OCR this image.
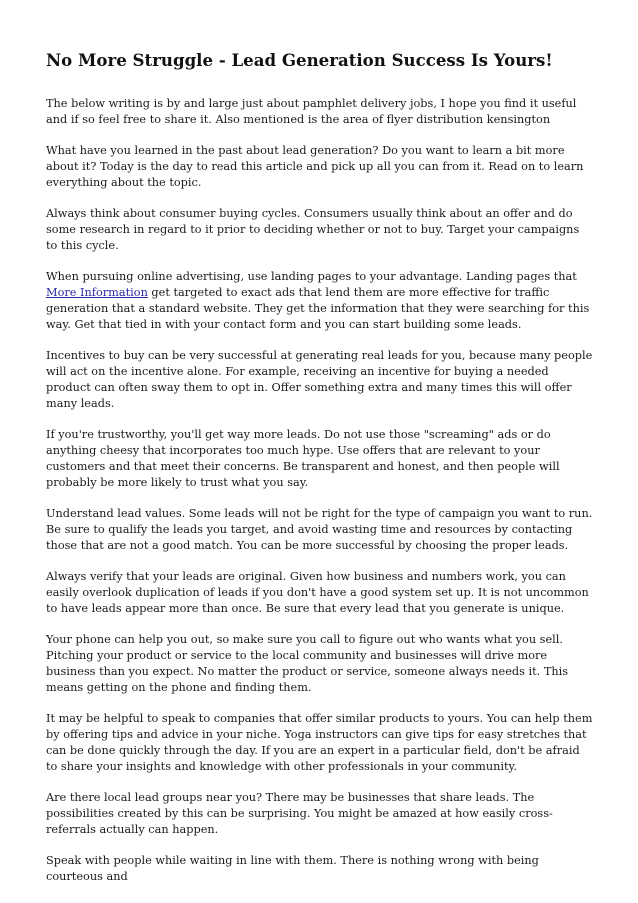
No More Struggle - Lead Generation Success Is Yours!

The below writing is by and large just about pamphlet delivery jobs, I hope you find it useful and if so feel free to share it. Also mentioned is the area of flyer distribution kensington

What have you learned in the past about lead generation? Do you want to learn a bit more about it? Today is the day to read this article and pick up all you can from it. Read on to learn everything about the topic.

Always think about consumer buying cycles. Consumers usually think about an offer and do some research in regard to it prior to deciding whether or not to buy. Target your campaigns to this cycle.

When pursuing online advertising, use landing pages to your advantage. Landing pages that More Information get targeted to exact ads that lend them are more effective for traffic generation that a standard website. They get the information that they were searching for this way. Get that tied in with your contact form and you can start building some leads.

Incentives to buy can be very successful at generating real leads for you, because many people will act on the incentive alone. For example, receiving an incentive for buying a needed product can often sway them to opt in. Offer something extra and many times this will offer many leads.

If you're trustworthy, you'll get way more leads. Do not use those "screaming" ads or do anything cheesy that incorporates too much hype. Use offers that are relevant to your customers and that meet their concerns. Be transparent and honest, and then people will probably be more likely to trust what you say.

Understand lead values. Some leads will not be right for the type of campaign you want to run. Be sure to qualify the leads you target, and avoid wasting time and resources by contacting those that are not a good match. You can be more successful by choosing the proper leads.

Always verify that your leads are original. Given how business and numbers work, you can easily overlook duplication of leads if you don't have a good system set up. It is not uncommon to have leads appear more than once. Be sure that every lead that you generate is unique.

Your phone can help you out, so make sure you call to figure out who wants what you sell. Pitching your product or service to the local community and businesses will drive more business than you expect. No matter the product or service, someone always needs it. This means getting on the phone and finding them.

It may be helpful to speak to companies that offer similar products to yours. You can help them by offering tips and advice in your niche. Yoga instructors can give tips for easy stretches that can be done quickly through the day. If you are an expert in a particular field, don't be afraid to share your insights and knowledge with other professionals in your community.

Are there local lead groups near you? There may be businesses that share leads. The possibilities created by this can be surprising. You might be amazed at how easily cross-referrals actually can happen.

Speak with people while waiting in line with them. There is nothing wrong with being courteous and
